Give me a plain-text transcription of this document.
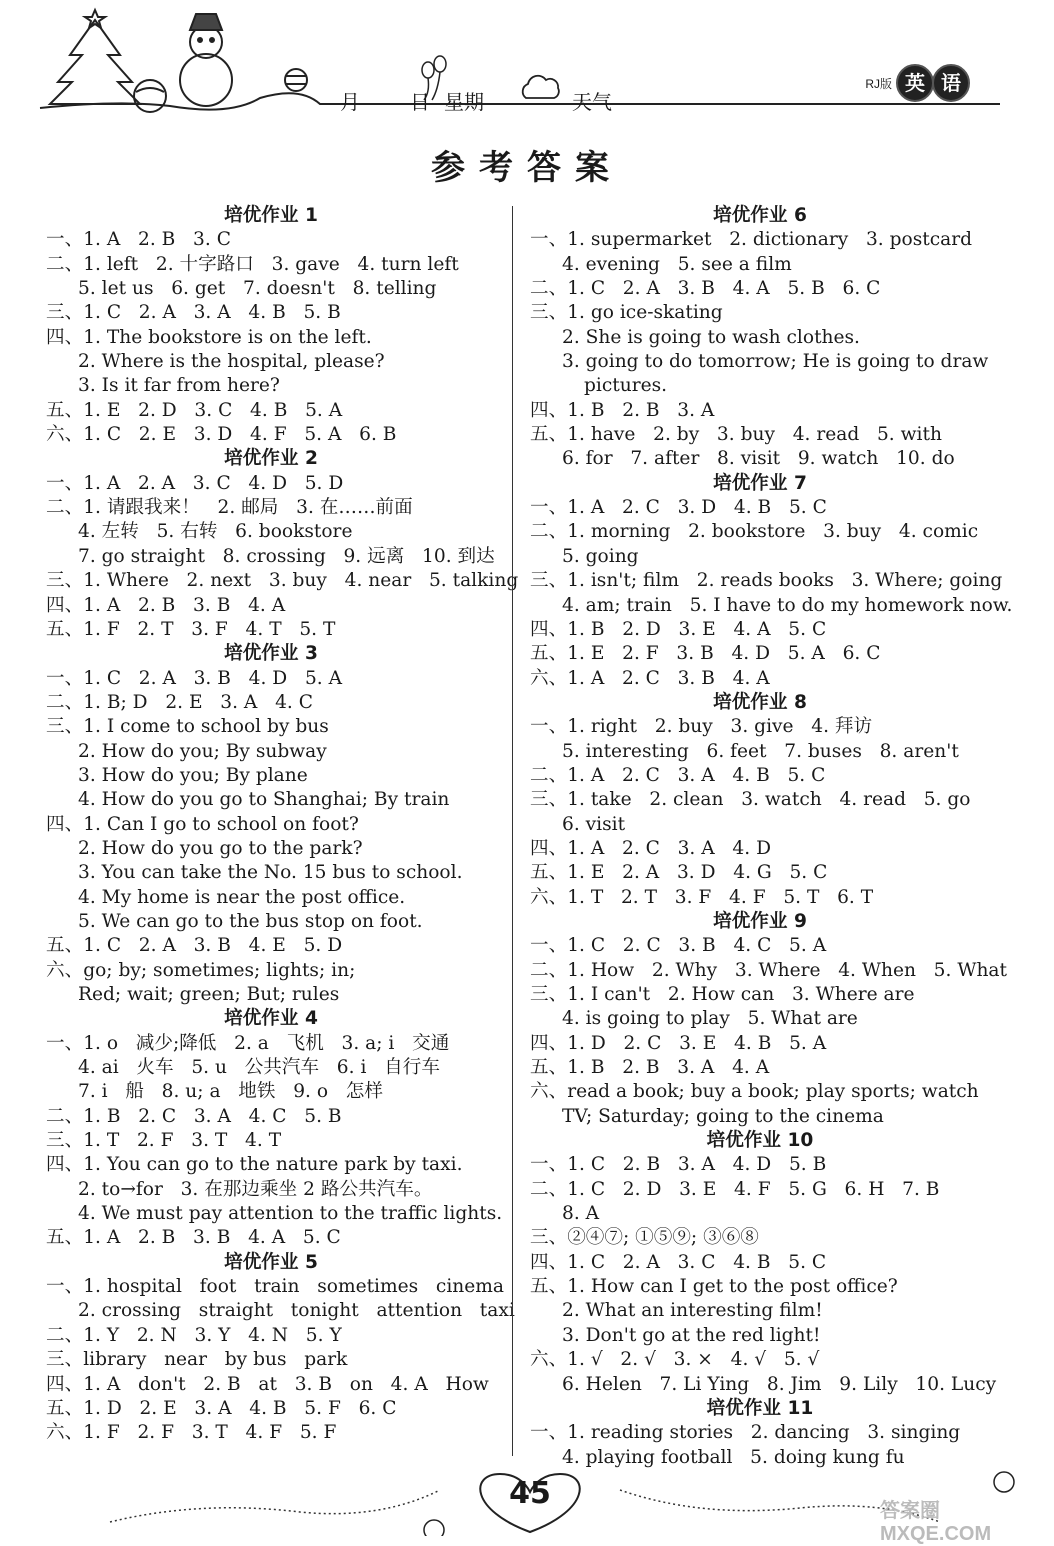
月	日 星期	天气
RJ版 英 语
参考答案
培优作业 1
一、1. A   2. B   3. C
二、1. left   2. 十字路口   3. gave   4. turn left
5. let us   6. get   7. doesn't   8. telling
三、1. C   2. A   3. A   4. B   5. B
四、1. The bookstore is on the left.
2. Where is the hospital, please?
3. Is it far from here?
五、1. E   2. D   3. C   4. B   5. A
六、1. C   2. E   3. D   4. F   5. A   6. B
培优作业 2
一、1. A   2. A   3. C   4. D   5. D
二、1. 请跟我来！   2. 邮局   3. 在……前面
4. 左转   5. 右转   6. bookstore
7. go straight   8. crossing   9. 远离   10. 到达
三、1. Where   2. next   3. buy   4. near   5. talking
四、1. A   2. B   3. B   4. A
五、1. F   2. T   3. F   4. T   5. T
培优作业 3
一、1. C   2. A   3. B   4. D   5. A
二、1. B; D   2. E   3. A   4. C
三、1. I come to school by bus
2. How do you; By subway
3. How do you; By plane
4. How do you go to Shanghai; By train
四、1. Can I go to school on foot?
2. How do you go to the park?
3. You can take the No. 15 bus to school.
4. My home is near the post office.
5. We can go to the bus stop on foot.
五、1. C   2. A   3. B   4. E   5. D
六、go; by; sometimes; lights; in;
Red; wait; green; But; rules
培优作业 4
一、1. o   减少;降低   2. a   飞机   3. a; i   交通
4. ai   火车   5. u   公共汽车   6. i   自行车
7. i   船   8. u; a   地铁   9. o   怎样
二、1. B   2. C   3. A   4. C   5. B
三、1. T   2. F   3. T   4. T
四、1. You can go to the nature park by taxi.
2. to→for   3. 在那边乘坐 2 路公共汽车。
4. We must pay attention to the traffic lights.
五、1. A   2. B   3. B   4. A   5. C
培优作业 5
一、1. hospital   foot   train   sometimes   cinema
2. crossing   straight   tonight   attention   taxi
二、1. Y   2. N   3. Y   4. N   5. Y
三、library   near   by bus   park
四、1. A   don't   2. B   at   3. B   on   4. A   How
五、1. D   2. E   3. A   4. B   5. F   6. C
六、1. F   2. F   3. T   4. F   5. F
培优作业 6
一、1. supermarket   2. dictionary   3. postcard
4. evening   5. see a film
二、1. C   2. A   3. B   4. A   5. B   6. C
三、1. go ice-skating
2. She is going to wash clothes.
3. going to do tomorrow; He is going to draw
pictures.
四、1. B   2. B   3. A
五、1. have   2. by   3. buy   4. read   5. with
6. for   7. after   8. visit   9. watch   10. do
培优作业 7
一、1. A   2. C   3. D   4. B   5. C
二、1. morning   2. bookstore   3. buy   4. comic
5. going
三、1. isn't; film   2. reads books   3. Where; going
4. am; train   5. I have to do my homework now.
四、1. B   2. D   3. E   4. A   5. C
五、1. E   2. F   3. B   4. D   5. A   6. C
六、1. A   2. C   3. B   4. A
培优作业 8
一、1. right   2. buy   3. give   4. 拜访
5. interesting   6. feet   7. buses   8. aren't
二、1. A   2. C   3. A   4. B   5. C
三、1. take   2. clean   3. watch   4. read   5. go
6. visit
四、1. A   2. C   3. A   4. D
五、1. E   2. A   3. D   4. G   5. C
六、1. T   2. T   3. F   4. F   5. T   6. T
培优作业 9
一、1. C   2. C   3. B   4. C   5. A
二、1. How   2. Why   3. Where   4. When   5. What
三、1. I can't   2. How can   3. Where are
4. is going to play   5. What are
四、1. D   2. C   3. E   4. B   5. A
五、1. B   2. B   3. A   4. A
六、read a book; buy a book; play sports; watch
TV; Saturday; going to the cinema
培优作业 10
一、1. C   2. B   3. A   4. D   5. B
二、1. C   2. D   3. E   4. F   5. G   6. H   7. B
8. A
三、②④⑦; ①⑤⑨; ③⑥⑧
四、1. C   2. A   3. C   4. B   5. C
五、1. How can I get to the post office?
2. What an interesting film!
3. Don't go at the red light!
六、1. √   2. √   3. ×   4. √   5. √
6. Helen   7. Li Ying   8. Jim   9. Lily   10. Lucy
培优作业 11
一、1. reading stories   2. dancing   3. singing
4. playing football   5. doing kung fu
45	答案圈 MXQE.COM
